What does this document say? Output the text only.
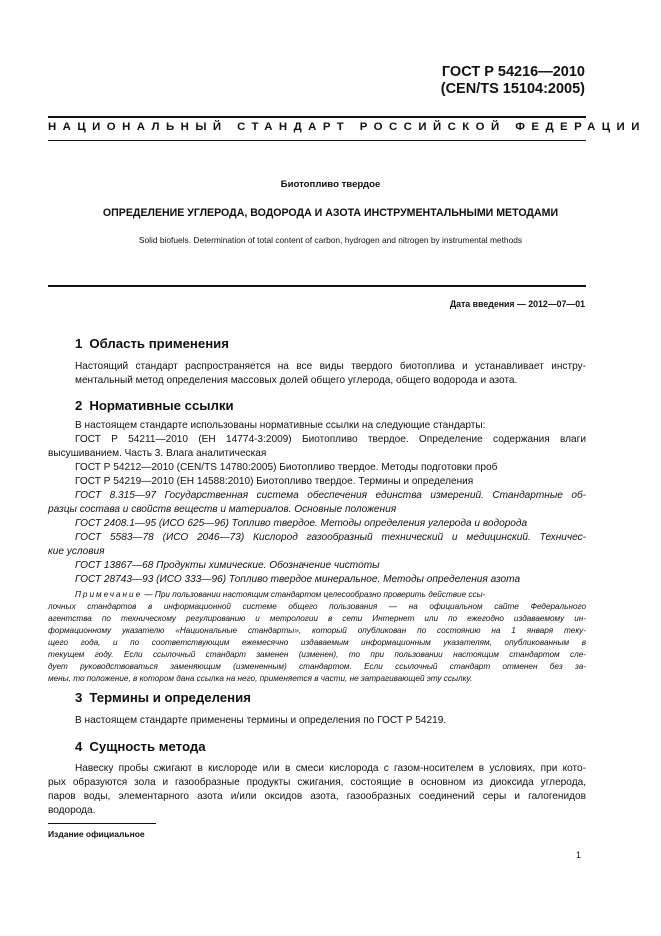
ГОСТ Р 54216—2010
(CEN/TS 15104:2005)
НАЦИОНАЛЬНЫЙ СТАНДАРТ РОССИЙСКОЙ ФЕДЕРАЦИИ
Биотопливо твердое
ОПРЕДЕЛЕНИЕ УГЛЕРОДА, ВОДОРОДА И АЗОТА ИНСТРУМЕНТАЛЬНЫМИ МЕТОДАМИ
Solid biofuels. Determination of total content of carbon, hydrogen and nitrogen by instrumental methods
Дата введения — 2012—07—01
1 Область применения
Настоящий стандарт распространяется на все виды твердого биотоплива и устанавливает инстру-
ментальный метод определения массовых долей общего углерода, общего водорода и азота.
2 Нормативные ссылки
В настоящем стандарте использованы нормативные ссылки на следующие стандарты:
ГОСТ Р 54211—2010 (ЕН 14774-3:2009) Биотопливо твердое. Определение содержания влаги
высушиванием. Часть 3. Влага аналитическая
ГОСТ Р 54212—2010 (CEN/TS 14780:2005) Биотопливо твердое. Методы подготовки проб
ГОСТ Р 54219—2010 (ЕН 14588:2010) Биотопливо твердое. Термины и определения
ГОСТ 8.315—97 Государственная система обеспечения единства измерений. Стандартные об-
разцы состава и свойств веществ и материалов. Основные положения
ГОСТ 2408.1—95 (ИСО 625—96) Топливо твердое. Методы определения углерода и водорода
ГОСТ 5583—78 (ИСО 2046—73) Кислород газообразный технический и медицинский. Техничес-
кие условия
ГОСТ 13867—68 Продукты химические. Обозначение чистоты
ГОСТ 28743—93 (ИСО 333—96) Топливо твердое минеральное. Методы определения азота
Примечание — При пользовании настоящим стандартом целесообразно проверить действие ссы-
лочных стандартов в информационной системе общего пользования — на официальном сайте Федерального
агентства по техническому регулированию и метрологии в сети Интернет или по ежегодно издаваемому ин-
формационному указателю «Национальные стандарты», который опубликован по состоянию на 1 января теку-
щего года, и по соответствующим ежемесячно издаваемым информационным указателям, опубликованным в
текущем году. Если ссылочный стандарт заменен (изменен), то при пользовании настоящим стандартом сле-
дует руководствоваться заменяющим (измененным) стандартом. Если ссылочный стандарт отменен без за-
мены, то положение, в котором дана ссылка на него, применяется в части, не затрагивающей эту ссылку.
3 Термины и определения
В настоящем стандарте применены термины и определения по ГОСТ Р 54219.
4 Сущность метода
Навеску пробы сжигают в кислороде или в смеси кислорода с газом-носителем в условиях, при кото-
рых образуются зола и газообразные продукты сжигания, состоящие в основном из диоксида углерода,
паров воды, элементарного азота и/или оксидов азота, газообразных соединений серы и галогенидов
водорода.
Издание официальное
1
